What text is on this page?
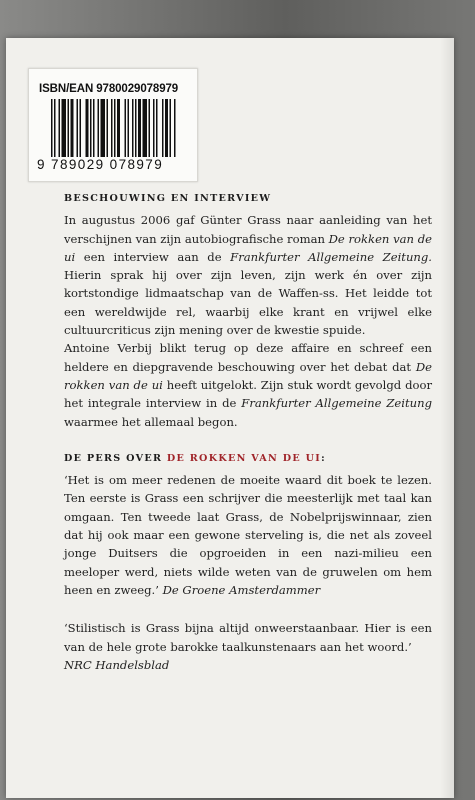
ISBN/EAN 9780029078979
9 789029 078979
BESCHOUWING EN INTERVIEW

In augustus 2006 gaf Günter Grass naar aanleiding van het verschijnen van zijn autobiografische roman De rokken van de ui een interview aan de Frankfurter Allgemeine Zeitung. Hierin sprak hij over zijn leven, zijn werk én over zijn kortstondige lidmaatschap van de Waffen-ss. Het leidde tot een wereldwijde rel, waarbij elke krant en vrijwel elke cultuurcriticus zijn mening over de kwestie spuide.

Antoine Verbij blikt terug op deze affaire en schreef een heldere en diepgravende beschouwing over het debat dat De rokken van de ui heeft uitgelokt. Zijn stuk wordt gevolgd door het integrale interview in de Frankfurter Allgemeine Zeitung waarmee het allemaal begon.

DE PERS OVER DE ROKKEN VAN DE UI:

‘Het is om meer redenen de moeite waard dit boek te lezen. Ten eerste is Grass een schrijver die meesterlijk met taal kan omgaan. Ten tweede laat Grass, de Nobelprijswinnaar, zien dat hij ook maar een gewone sterveling is, die net als zoveel jonge Duitsers die opgroeiden in een nazi-milieu een meeloper werd, niets wilde weten van de gruwelen om hem heen en zweeg.’ De Groene Amsterdammer

‘Stilistisch is Grass bijna altijd onweerstaanbaar. Hier is een van de hele grote barokke taalkunstenaars aan het woord.’

NRC Handelsblad
